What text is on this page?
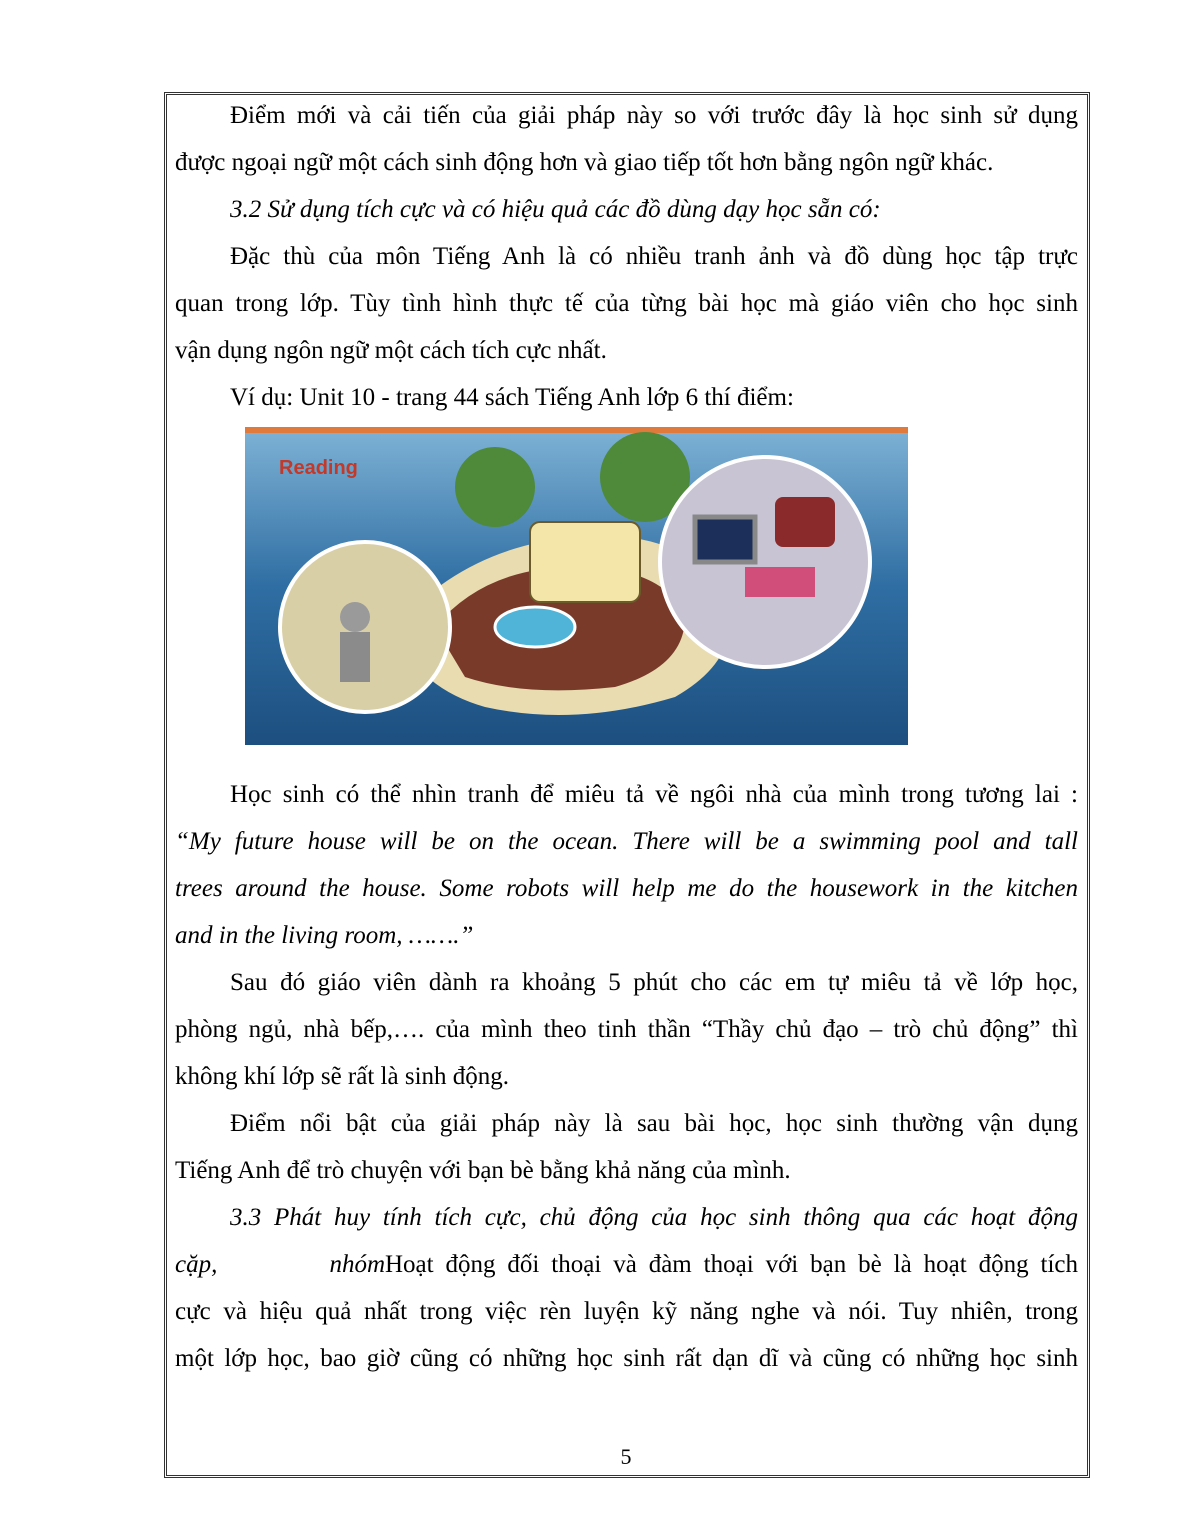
Điểm mới và cải tiến của giải pháp này so với trước đây là học sinh sử dụng
được ngoại ngữ một cách sinh động hơn và giao tiếp tốt hơn bằng ngôn ngữ khác.
3.2 Sử dụng tích cực và có hiệu quả các đồ dùng dạy học sẵn có:
Đặc thù của môn Tiếng Anh là có nhiều tranh ảnh và đồ dùng học tập trực
quan trong lớp. Tùy tình hình thực tế của từng bài học mà giáo viên cho học sinh
vận dụng ngôn ngữ một cách tích cực nhất.
Ví dụ: Unit 10 - trang 44 sách Tiếng Anh lớp 6 thí điểm:
Reading
Học sinh có thể nhìn tranh để miêu tả về ngôi nhà của mình trong tương lai :
“My future house will be on the ocean. There will be a swimming pool and tall
trees around the house. Some robots will help me do the housework in the kitchen
and in the living room, …….”
Sau đó giáo viên dành ra khoảng 5 phút cho các em tự miêu tả về lớp học,
phòng ngủ, nhà bếp,…. của mình theo tinh thần “Thầy chủ đạo – trò chủ động” thì
không khí lớp sẽ rất là sinh động.
Điểm nổi bật của giải pháp này là sau bài học, học sinh thường vận dụng
Tiếng Anh để trò chuyện với bạn bè bằng khả năng của mình.
3.3 Phát huy tính tích cực, chủ động của học sinh thông qua các hoạt động
cặp, nhóm Hoạt động đối thoại và đàm thoại với bạn bè là hoạt động tích
cực và hiệu quả nhất trong việc rèn luyện kỹ năng nghe và nói. Tuy nhiên, trong
một lớp học, bao giờ cũng có những học sinh rất dạn dĩ và cũng có những học sinh
5
